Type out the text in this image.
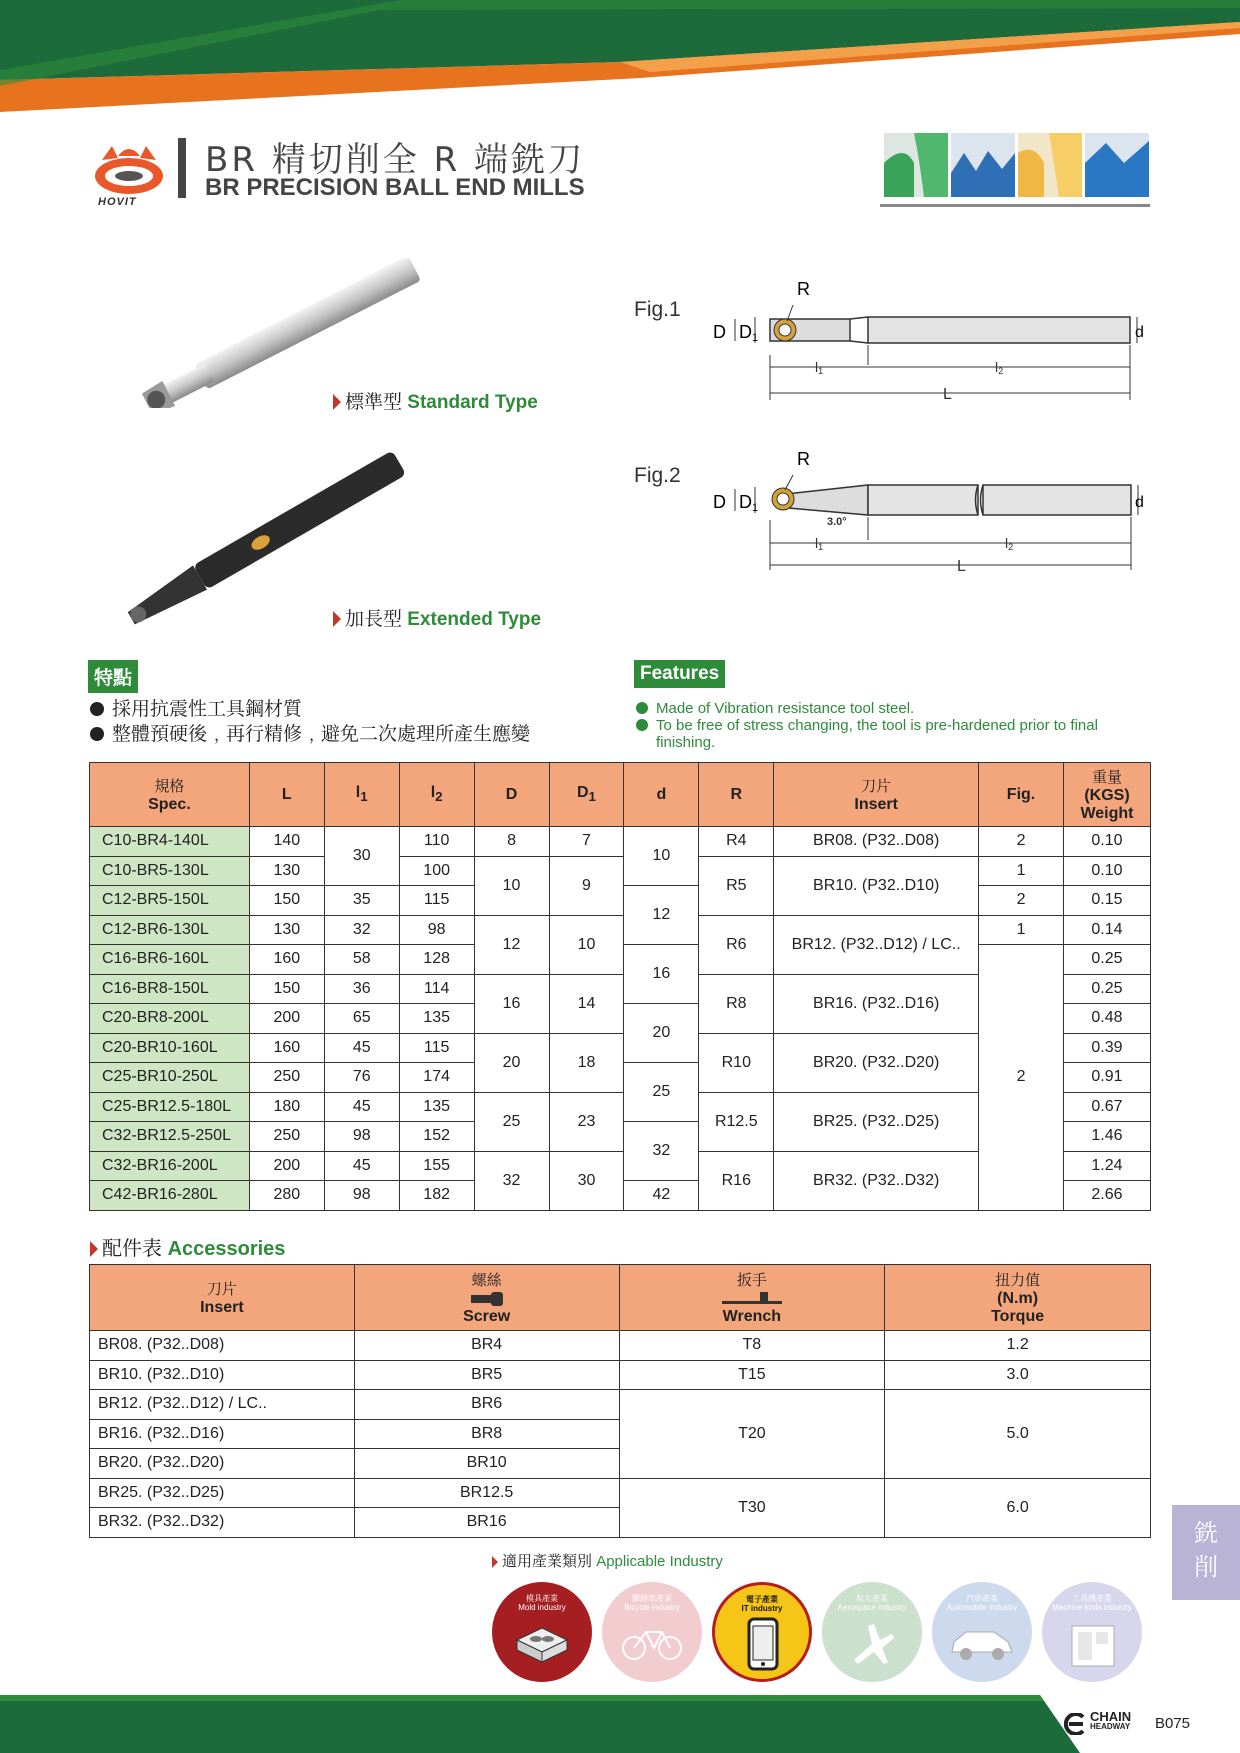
HOVIT
BR 精切削全 R 端銑刀
BR PRECISION BALL END MILLS
標準型 Standard Type
加長型 Extended Type
Fig.1
D D1
R
d
l1	l2
L
Fig.2
D D1
R
3.0°
d
l1	l2
L
特點
採用抗震性工具鋼材質
整體預硬後﹐再行精修﹐避免二次處理所產生應變
Features
Made of Vibration resistance tool steel.
To be free of stress changing, the tool is pre-hardened prior to final finishing.
規格
Spec.	L	$l_1$	$l_2$	D	$D_1$	d	R	刀片
Insert	Fig.	重量
(KGS)
Weight
C10-BR4-140L	140	30	110	8	7	10	R4	BR08. (P32..D08)	2	0.10
C10-BR5-130L	130		100	10	9		R5	BR10. (P32..D10)	1	0.10
C12-BR5-150L	150	35	115			12			2	0.15
C12-BR6-130L	130	32	98	12	10		R6	BR12. (P32..D12) / LC..	1	0.14
C16-BR6-160L	160	58	128			16			2	0.25
C16-BR8-150L	150	36	114	16	14		R8	BR16. (P32..D16)		0.25
C20-BR8-200L	200	65	135			20				0.48
C20-BR10-160L	160	45	115	20	18		R10	BR20. (P32..D20)		0.39
C25-BR10-250L	250	76	174			25				0.91
C25-BR12.5-180L	180	45	135	25	23		R12.5	BR25. (P32..D25)		0.67
C32-BR12.5-250L	250	98	152			32				1.46
C32-BR16-200L	200	45	155	32	30		R16	BR32. (P32..D32)		1.24
C42-BR16-280L	280	98	182			42				2.66
配件表 Accessories
刀片
Insert	螺絲
Screw	扳手
Wrench	扭力值
(N.m)
Torque
BR08. (P32..D08)	BR4	T8	1.2
BR10. (P32..D10)	BR5	T15	3.0
BR12. (P32..D12) / LC..	BR6	T20	5.0
BR16. (P32..D16)	BR8		
BR20. (P32..D20)	BR10		
BR25. (P32..D25)	BR12.5	T30	6.0
BR32. (P32..D32)	BR16		
適用產業類別 Applicable Industry
模具產業
Mold industry
腳踏車產業
Bicycle industry
電子產業
IT industry
航太產業
Aerospace industry
汽車產業
Automobile industry
工具機產業
Machine tools industry
銑
削
CHAIN
HEADWAY B075
